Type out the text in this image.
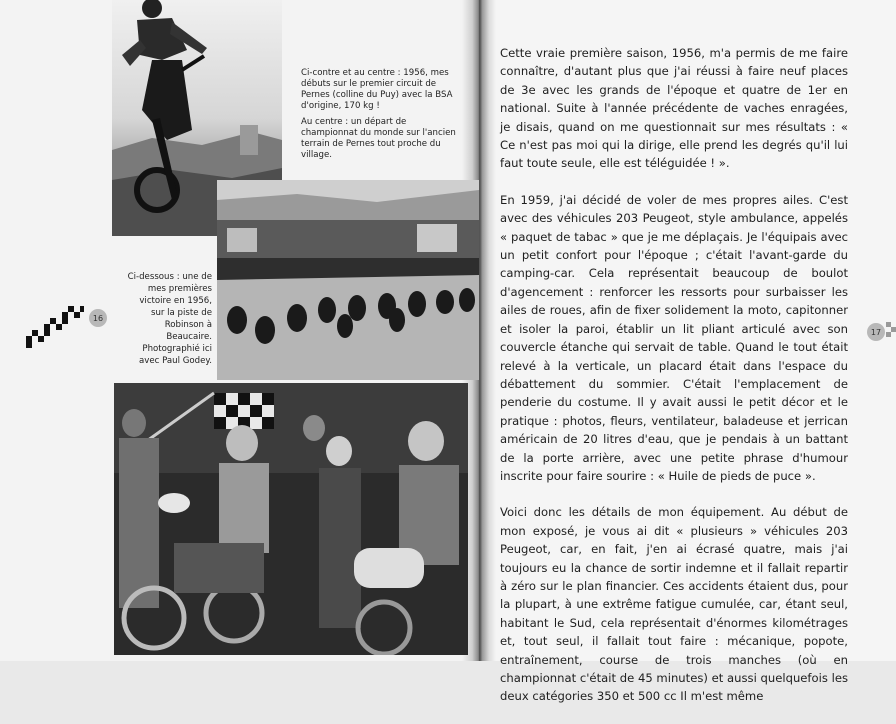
Ci-contre et au centre : 1956, mes débuts sur le premier circuit de Pernes (colline du Puy) avec la BSA d'origine, 170 kg !

Au centre : un départ de championnat du monde sur l'ancien terrain de Pernes tout proche du village.

Ci-dessous : une de mes premières victoire en 1956, sur la piste de Robinson à Beaucaire. Photographié ici avec Paul Godey.
16
17

Cette vraie première saison, 1956, m'a permis de me faire connaître, d'autant plus que j'ai réussi à faire neuf places de 3e avec les grands de l'époque et quatre de 1er en national. Suite à l'année précédente de vaches enragées, je disais, quand on me questionnait sur mes résultats : « Ce n'est pas moi qui la dirige, elle prend les degrés qu'il lui faut toute seule, elle est téléguidée ! ».

En 1959, j'ai décidé de voler de mes propres ailes. C'est avec des véhicules 203 Peugeot, style ambulance, appelés « paquet de tabac » que je me déplaçais. Je l'équipais avec un petit confort pour l'époque ; c'était l'avant-garde du camping-car. Cela représentait beaucoup de boulot d'agencement : renforcer les ressorts pour surbaisser les ailes de roues, afin de fixer solidement la moto, capitonner et isoler la paroi, établir un lit pliant articulé avec son couvercle étanche qui servait de table. Quand le tout était relevé à la verticale, un placard était dans l'espace du débattement du sommier. C'était l'emplacement de penderie du costume. Il y avait aussi le petit décor et le pratique : photos, fleurs, ventilateur, baladeuse et jerrican américain de 20 litres d'eau, que je pendais à un battant de la porte arrière, avec une petite phrase d'humour inscrite pour faire sourire : « Huile de pieds de puce ».

Voici donc les détails de mon équipement. Au début de mon exposé, je vous ai dit « plusieurs » véhicules 203 Peugeot, car, en fait, j'en ai écrasé quatre, mais j'ai toujours eu la chance de sortir indemne et il fallait repartir à zéro sur le plan financier. Ces accidents étaient dus, pour la plupart, à une extrême fatigue cumulée, car, étant seul, habitant le Sud, cela représentait d'énormes kilométrages et, tout seul, il fallait tout faire : mécanique, popote, entraînement, course de trois manches (où en championnat c'était de 45 minutes) et aussi quelquefois les deux catégories 350 et 500 cc Il m'est même
